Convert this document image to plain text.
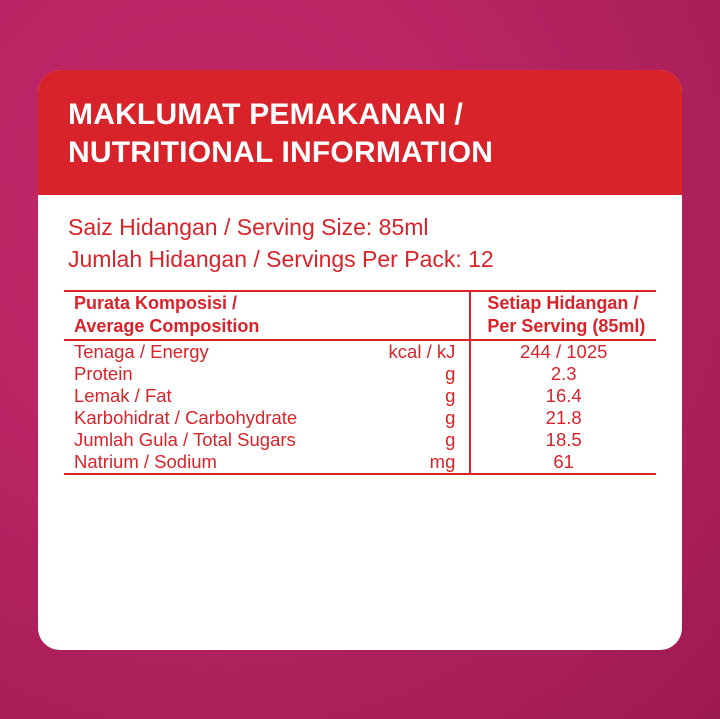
MAKLUMAT PEMAKANAN /
NUTRITIONAL INFORMATION
Saiz Hidangan / Serving Size: 85ml
Jumlah Hidangan / Servings Per Pack: 12
Purata Komposisi /
Average Composition		Setiap Hidangan /
Per Serving (85ml)

Tenaga / Energy	kcal / kJ	244 / 1025
Protein	g	2.3
Lemak / Fat	g	16.4
Karbohidrat / Carbohydrate	g	21.8
Jumlah Gula / Total Sugars	g	18.5
Natrium / Sodium	mg	61
